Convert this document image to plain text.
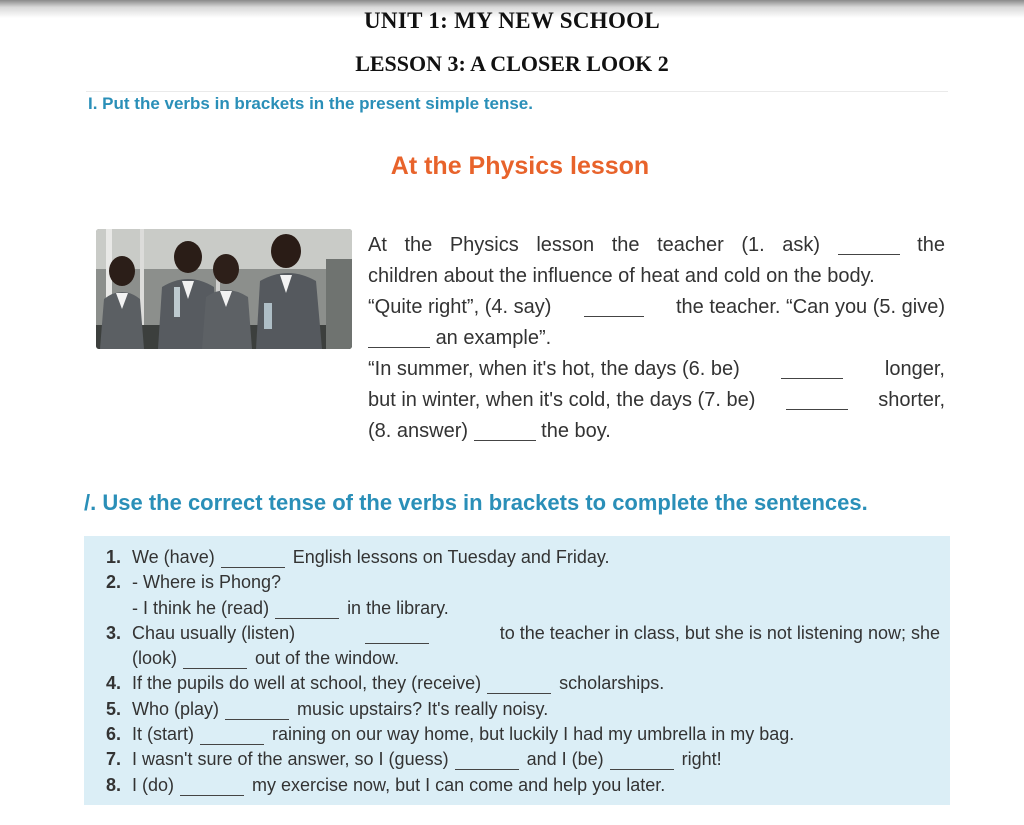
UNIT 1: MY NEW SCHOOL
LESSON 3: A CLOSER LOOK 2
I. Put the verbs in brackets in the present simple tense.
At the Physics lesson
At the Physics lesson the teacher (1. ask)	the
children about the influence of heat and cold on the body.
“Quite right”, (4. say)	the teacher. “Can you (5. give)
an example”.
“In summer, when it's hot, the days (6. be)	longer,
but in winter, when it's cold, the days (7. be)	shorter,
(8. answer)	the boy.
/. Use the correct tense of the verbs in brackets to complete the sentences.
1. We (have)	English lessons on Tuesday and Friday.
2. - Where is Phong?
- I think he (read)	in the library.
3. Chau usually (listen)	to the teacher in class, but she is not listening now; she
(look)	out of the window.
4. If the pupils do well at school, they (receive)	scholarships.
5. Who (play)	music upstairs? It's really noisy.
6. It (start)	raining on our way home, but luckily I had my umbrella in my bag.
7. I wasn't sure of the answer, so I (guess)	and I (be)	right!
8. I (do)	my exercise now, but I can come and help you later.
